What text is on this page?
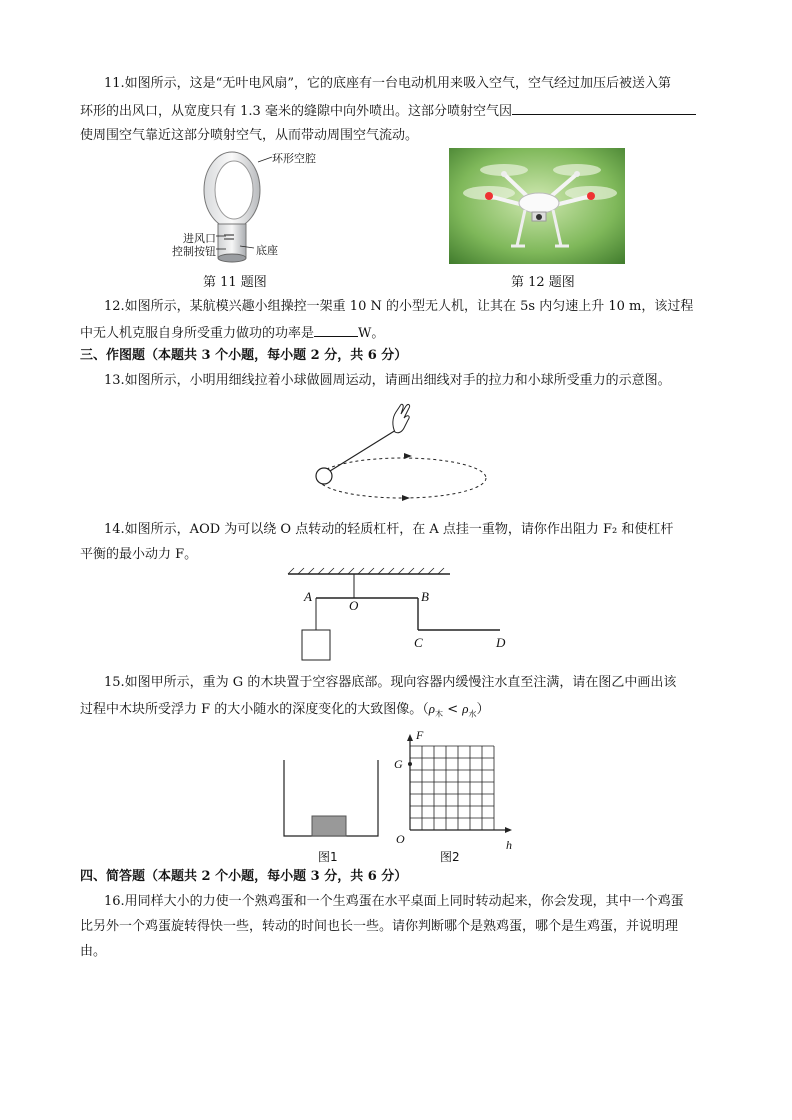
11.如图所示，这是“无叶电风扇”，它的底座有一台电动机用来吸入空气，空气经过加压后被送入第
环形的出风口，从宽度只有 1.3 毫米的缝隙中向外喷出。这部分喷射空气因
使周围空气靠近这部分喷射空气，从而带动周围空气流动。
环形空腔
进风口
控制按钮	底座
第 11 题图	第 12 题图
12.如图所示，某航模兴趣小组操控一架重 10 N 的小型无人机，让其在 5s 内匀速上升 10 m，该过程
中无人机克服自身所受重力做功的功率是	W。
三、作图题（本题共 3 个小题，每小题 2 分，共 6 分）
13.如图所示，小明用细线拉着小球做圆周运动，请画出细线对手的拉力和小球所受重力的示意图。
14.如图所示，AOD 为可以绕 O 点转动的轻质杠杆，在 A 点挂一重物，请你作出阻力 F₂ 和使杠杆
平衡的最小动力 F。
A
O
B
C	D
15.如图甲所示，重为 G 的木块置于空容器底部。现向容器内缓慢注水直至注满，请在图乙中画出该
过程中木块所受浮力 F 的大小随水的深度变化的大致图像。$(\rho_木 < \rho_水)$
图1
F
G
O	h
图2
四、简答题（本题共 2 个小题，每小题 3 分，共 6 分）
16.用同样大小的力使一个熟鸡蛋和一个生鸡蛋在水平桌面上同时转动起来，你会发现，其中一个鸡蛋
比另外一个鸡蛋旋转得快一些，转动的时间也长一些。请你判断哪个是熟鸡蛋，哪个是生鸡蛋，并说明理
由。
